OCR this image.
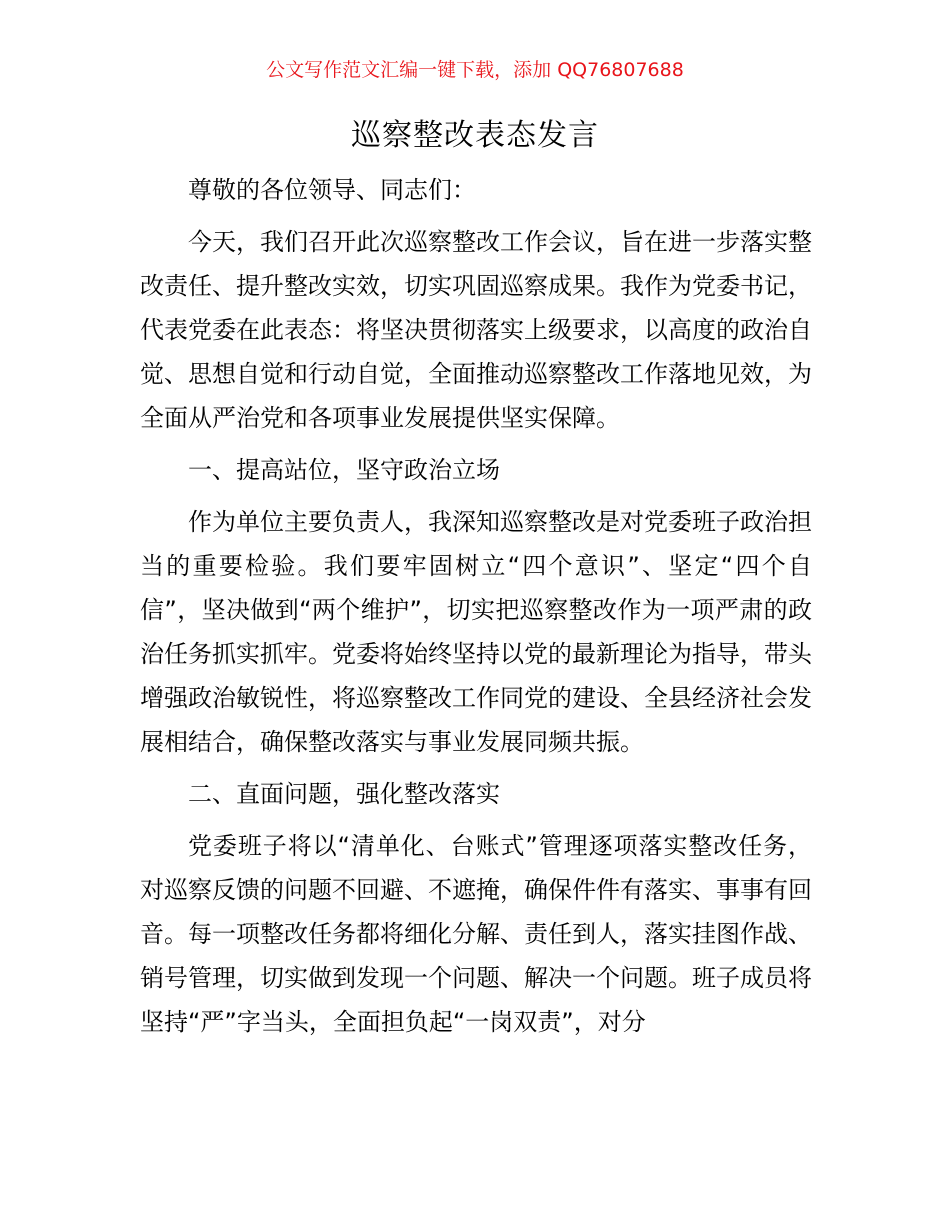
公文写作范文汇编一键下载，添加 QQ76807688
巡察整改表态发言

尊敬的各位领导、同志们：

今天，我们召开此次巡察整改工作会议，旨在进一步落实整改责任、提升整改实效，切实巩固巡察成果。我作为党委书记，代表党委在此表态：将坚决贯彻落实上级要求，以高度的政治自觉、思想自觉和行动自觉，全面推动巡察整改工作落地见效，为全面从严治党和各项事业发展提供坚实保障。

一、提高站位，坚守政治立场

作为单位主要负责人，我深知巡察整改是对党委班子政治担当的重要检验。我们要牢固树立“四个意识”、坚定“四个自信”，坚决做到“两个维护”，切实把巡察整改作为一项严肃的政治任务抓实抓牢。党委将始终坚持以党的最新理论为指导，带头增强政治敏锐性，将巡察整改工作同党的建设、全县经济社会发展相结合，确保整改落实与事业发展同频共振。

二、直面问题，强化整改落实

党委班子将以“清单化、台账式”管理逐项落实整改任务，对巡察反馈的问题不回避、不遮掩，确保件件有落实、事事有回音。每一项整改任务都将细化分解、责任到人，落实挂图作战、销号管理，切实做到发现一个问题、解决一个问题。班子成员将坚持“严”字当头，全面担负起“一岗双责”，对分
